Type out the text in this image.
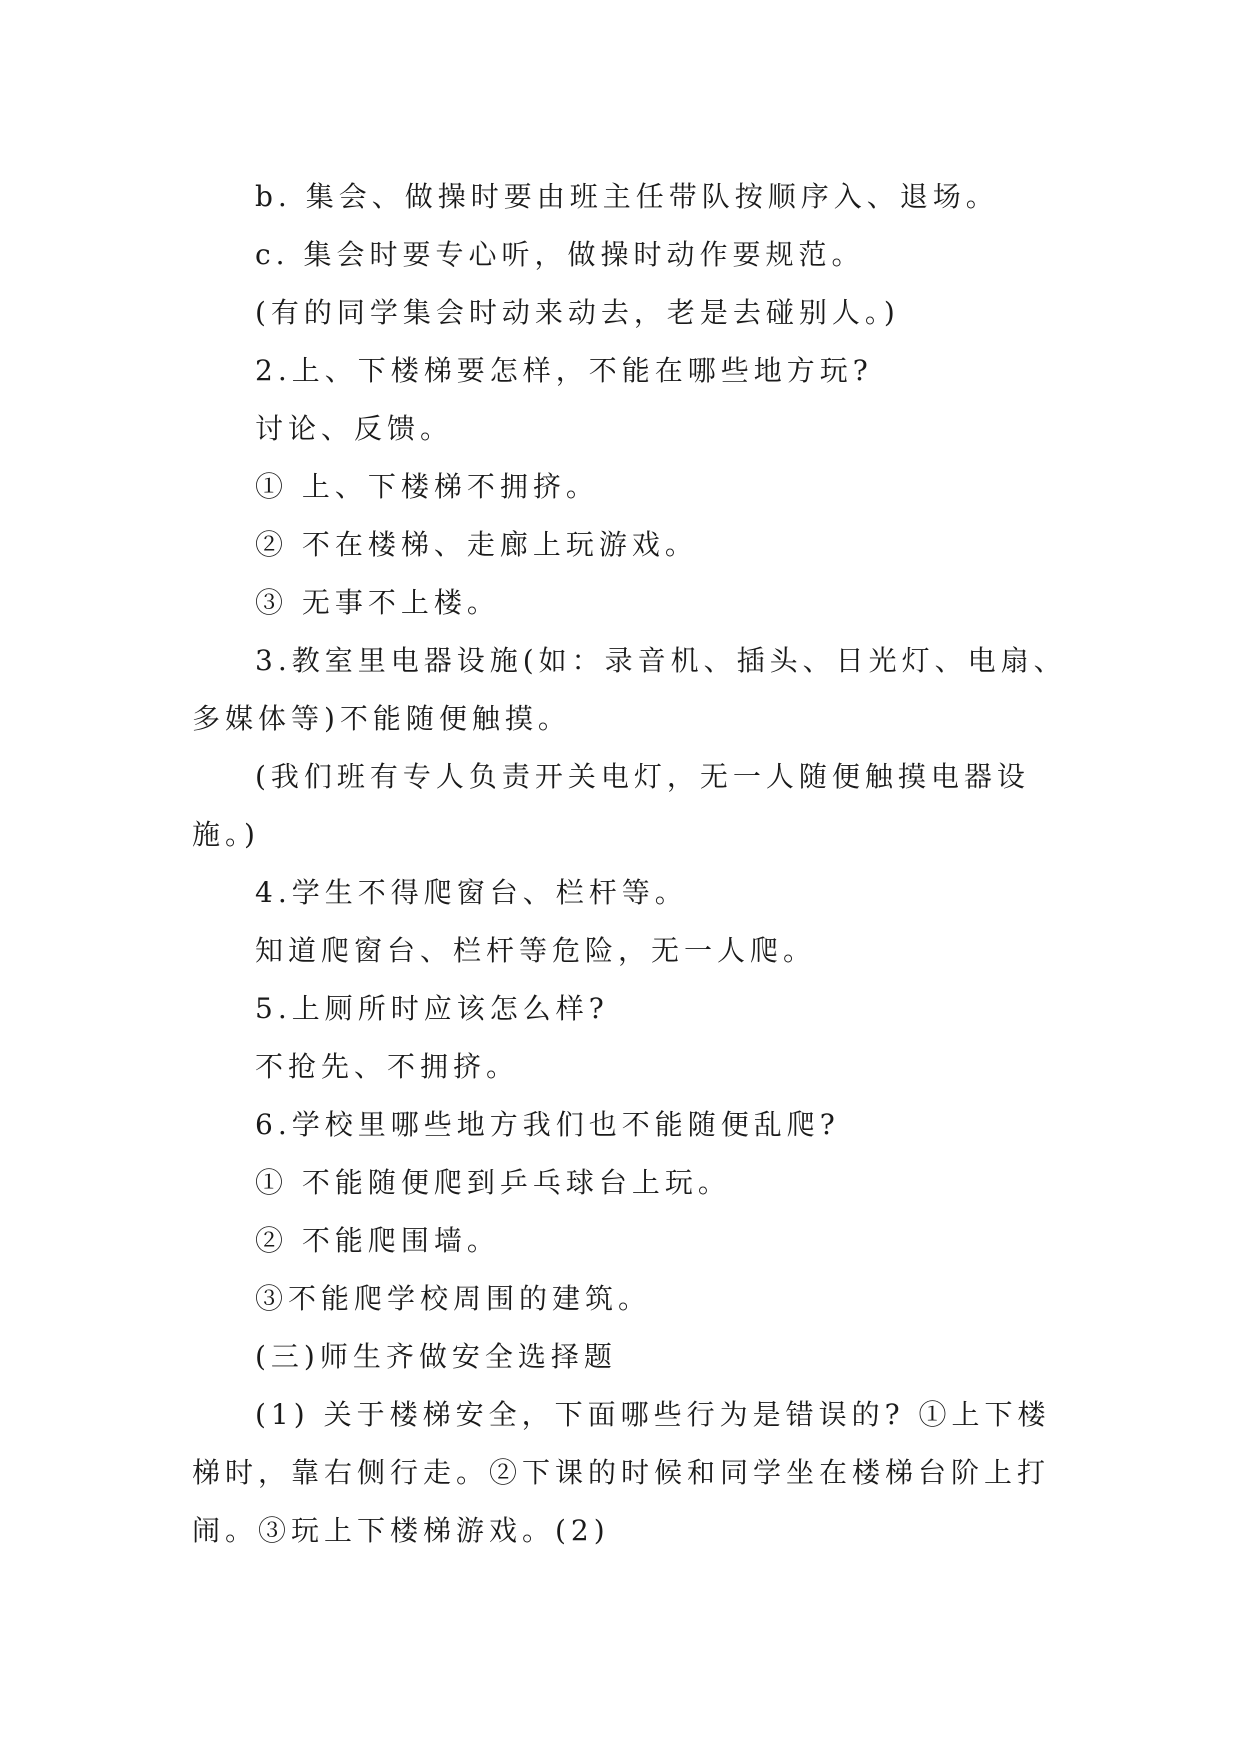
b. 集会、做操时要由班主任带队按顺序入、退场。

c. 集会时要专心听，做操时动作要规范。

(有的同学集会时动来动去，老是去碰别人。)

2.上、下楼梯要怎样，不能在哪些地方玩?

讨论、反馈。

① 上、下楼梯不拥挤。

② 不在楼梯、走廊上玩游戏。

③ 无事不上楼。

3.教室里电器设施(如：录音机、插头、日光灯、电扇、多媒体等)不能随便触摸。

(我们班有专人负责开关电灯，无一人随便触摸电器设施。)

4.学生不得爬窗台、栏杆等。

知道爬窗台、栏杆等危险，无一人爬。

5.上厕所时应该怎么样?

不抢先、不拥挤。

6.学校里哪些地方我们也不能随便乱爬?

① 不能随便爬到乒乓球台上玩。

② 不能爬围墙。

③不能爬学校周围的建筑。

(三)师生齐做安全选择题

(1) 关于楼梯安全，下面哪些行为是错误的? ①上下楼梯时，靠右侧行走。②下课的时候和同学坐在楼梯台阶上打闹。③玩上下楼梯游戏。(2)
